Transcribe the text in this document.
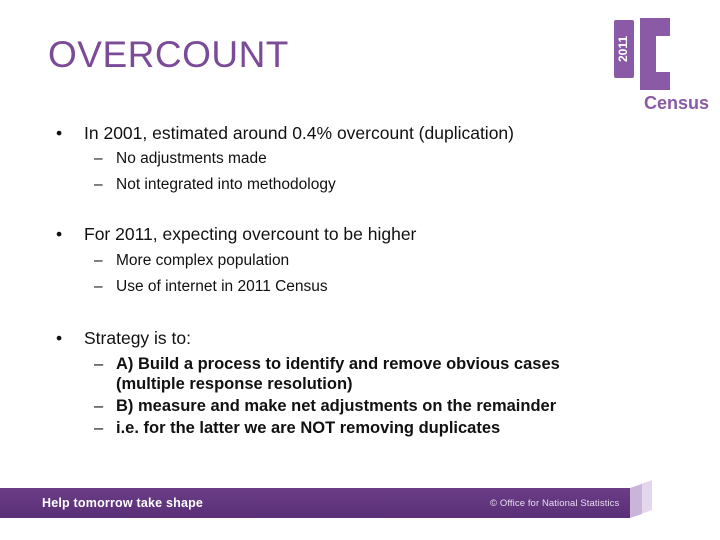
OVERCOUNT	2011
Census
•	In 2001, estimated around 0.4% overcount (duplication)
– No adjustments made
– Not integrated into methodology
•	For 2011, expecting overcount to be higher
– More complex population
– Use of internet in 2011 Census
•	Strategy is to:
– A) Build a process to identify and remove obvious cases
(multiple response resolution)
– B) measure and make net adjustments on the remainder
– i.e. for the latter we are NOT removing duplicates
Help tomorrow take shape	© Office for National Statistics
